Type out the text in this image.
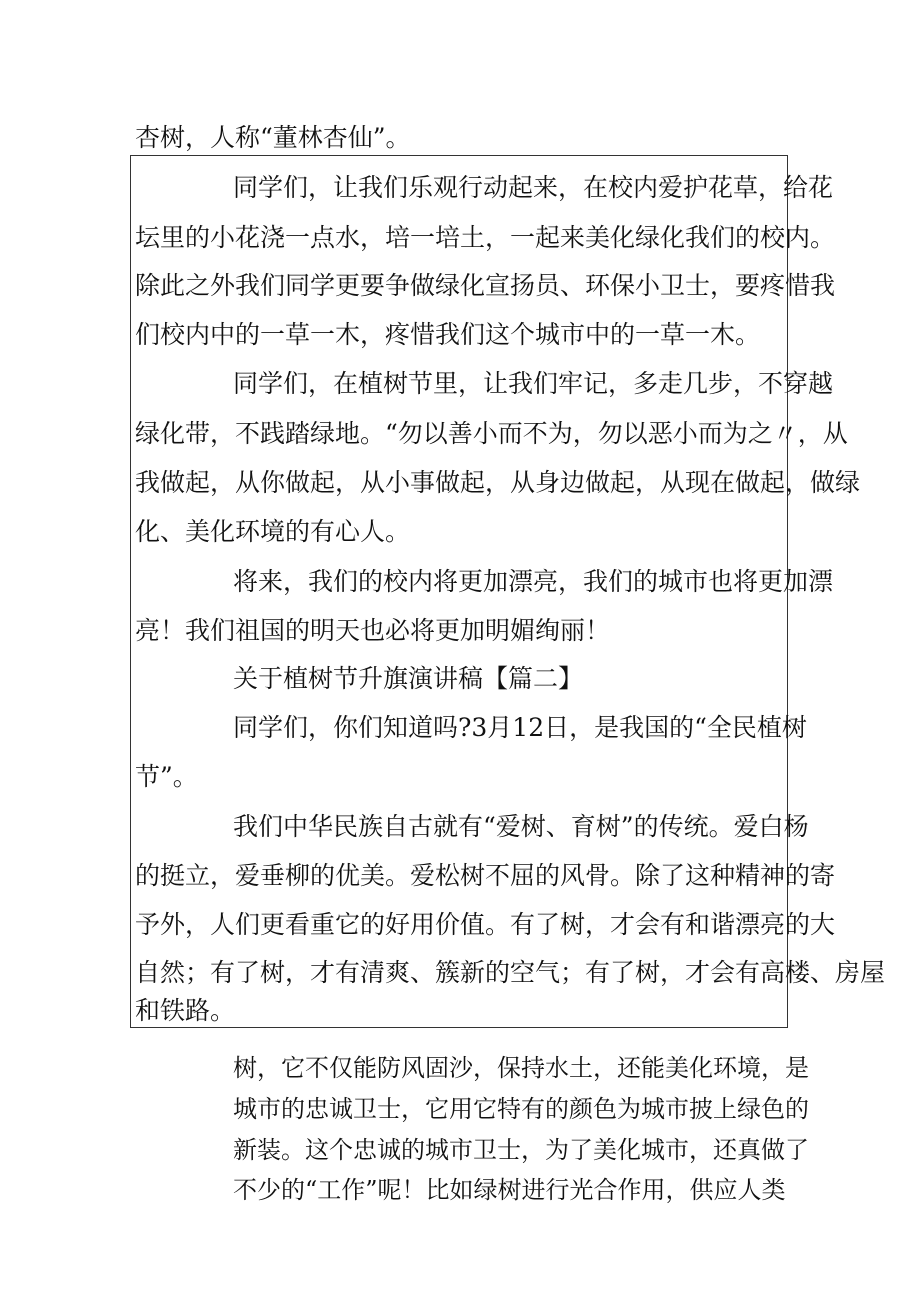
杏树，人称“董林杏仙”。
同学们，让我们乐观行动起来，在校内爱护花草，给花
坛里的小花浇一点水，培一培土，一起来美化绿化我们的校内。
除此之外我们同学更要争做绿化宣扬员、环保小卫士，要疼惜我
们校内中的一草一木，疼惜我们这个城市中的一草一木。
同学们，在植树节里，让我们牢记，多走几步，不穿越
绿化带，不践踏绿地。“勿以善小而不为，勿以恶小而为之〃，从
我做起，从你做起，从小事做起，从身边做起，从现在做起，做绿
化、美化环境的有心人。
将来，我们的校内将更加漂亮，我们的城市也将更加漂
亮！我们祖国的明天也必将更加明媚绚丽！
关于植树节升旗演讲稿【篇二】
同学们，你们知道吗?3月12日，是我国的“全民植树
节”。
我们中华民族自古就有“爱树、育树”的传统。爱白杨
的挺立，爱垂柳的优美。爱松树不屈的风骨。除了这种精神的寄
予外，人们更看重它的好用价值。有了树，才会有和谐漂亮的大
自然；有了树，才有清爽、簇新的空气；有了树，才会有高楼、房屋
和铁路。
树，它不仅能防风固沙，保持水土，还能美化环境，是
城市的忠诚卫士，它用它特有的颜色为城市披上绿色的
新装。这个忠诚的城市卫士，为了美化城市，还真做了
不少的“工作”呢！比如绿树进行光合作用，供应人类
